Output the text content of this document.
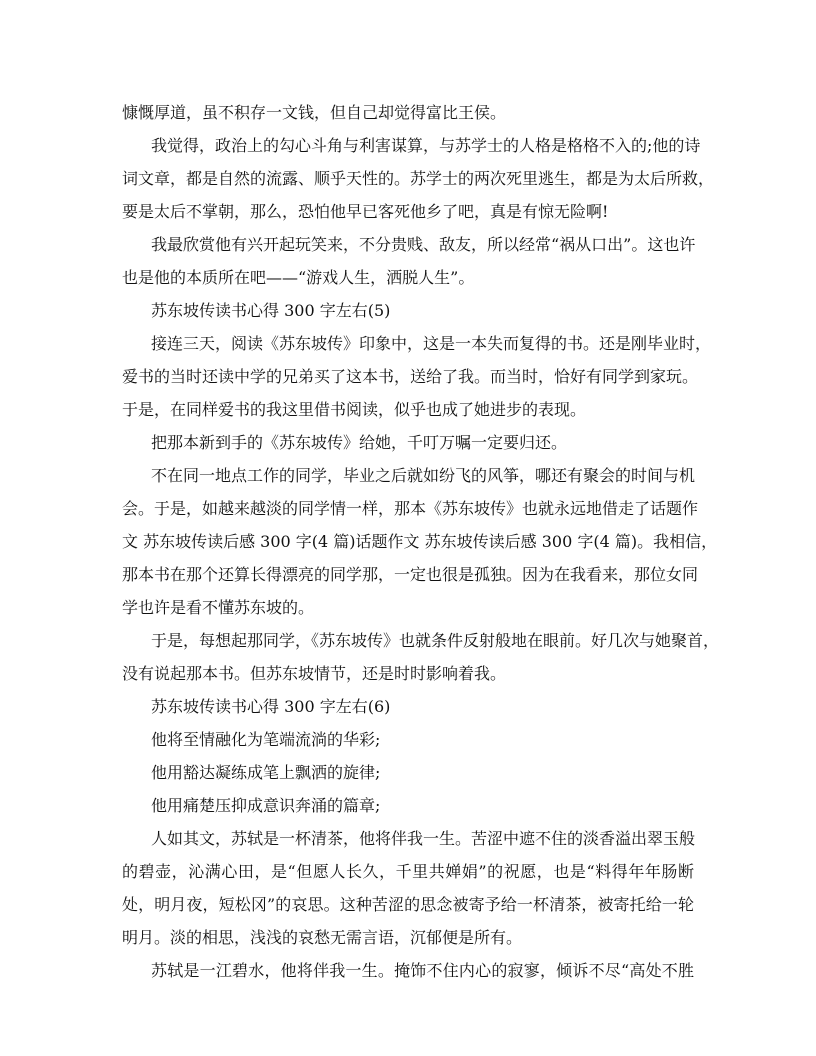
慷慨厚道，虽不积存一文钱，但自己却觉得富比王侯。
我觉得，政治上的勾心斗角与利害谋算，与苏学士的人格是格格不入的;他的诗
词文章，都是自然的流露、顺乎天性的。苏学士的两次死里逃生，都是为太后所救，
要是太后不掌朝，那么，恐怕他早已客死他乡了吧，真是有惊无险啊!
我最欣赏他有兴开起玩笑来，不分贵贱、敌友，所以经常“祸从口出”。这也许
也是他的本质所在吧——“游戏人生，洒脱人生”。
苏东坡传读书心得 300 字左右(5)
接连三天，阅读《苏东坡传》印象中，这是一本失而复得的书。还是刚毕业时，
爱书的当时还读中学的兄弟买了这本书，送给了我。而当时，恰好有同学到家玩。
于是，在同样爱书的我这里借书阅读，似乎也成了她进步的表现。
把那本新到手的《苏东坡传》给她，千叮万嘱一定要归还。
不在同一地点工作的同学，毕业之后就如纷飞的风筝，哪还有聚会的时间与机
会。于是，如越来越淡的同学情一样，那本《苏东坡传》也就永远地借走了话题作
文 苏东坡传读后感 300 字(4 篇)话题作文 苏东坡传读后感 300 字(4 篇)。我相信，
那本书在那个还算长得漂亮的同学那，一定也很是孤独。因为在我看来，那位女同
学也许是看不懂苏东坡的。
于是，每想起那同学，《苏东坡传》也就条件反射般地在眼前。好几次与她聚首，
没有说起那本书。但苏东坡情节，还是时时影响着我。
苏东坡传读书心得 300 字左右(6)
他将至情融化为笔端流淌的华彩;
他用豁达凝练成笔上飘洒的旋律;
他用痛楚压抑成意识奔涌的篇章;
人如其文，苏轼是一杯清茶，他将伴我一生。苦涩中遮不住的淡香溢出翠玉般
的碧壶，沁满心田，是“但愿人长久，千里共婵娟”的祝愿，也是“料得年年肠断
处，明月夜，短松冈”的哀思。这种苦涩的思念被寄予给一杯清茶，被寄托给一轮
明月。淡的相思，浅浅的哀愁无需言语，沉郁便是所有。
苏轼是一江碧水，他将伴我一生。掩饰不住内心的寂寥，倾诉不尽“高处不胜
